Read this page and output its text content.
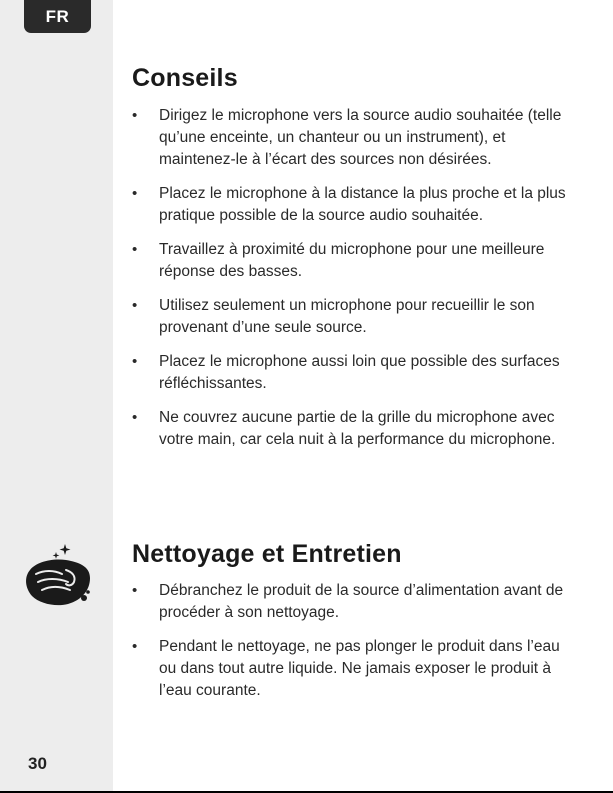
FR
30
Conseils
• Dirigez le microphone vers la source audio souhaitée (telle qu’une enceinte, un chanteur ou un instrument), et maintenez-le à l’écart des sources non désirées.
• Placez le microphone à la distance la plus proche et la plus pratique possible de la source audio souhaitée.
• Travaillez à proximité du microphone pour une meilleure réponse des basses.
• Utilisez seulement un microphone pour recueillir le son provenant d’une seule source.
• Placez le microphone aussi loin que possible des surfaces réfléchissantes.
• Ne couvrez aucune partie de la grille du microphone avec votre main, car cela nuit à la performance du microphone.
Nettoyage et Entretien
• Débranchez le produit de la source d’alimentation avant de procéder à son nettoyage.
• Pendant le nettoyage, ne pas plonger le produit dans l’eau ou dans tout autre liquide. Ne jamais exposer le produit à l’eau courante.
